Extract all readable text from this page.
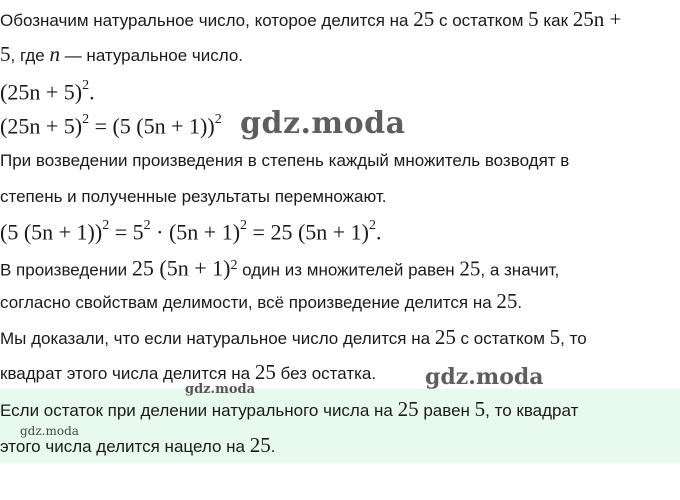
Обозначим натуральное число, которое делится на 25 с остатком 5 как 25n +
5, где n — натуральное число.
$(25n + 5)^2$.
$(25n + 5)^2 = (5$ (5n + 1))$^2$
При возведении произведения в степень каждый множитель возводят в
степень и полученные результаты перемножают.
(5 $(5n + 1))^2 = 5^2 \cdot (5n + 1)^2 = 25$ $(5n + 1)^2$.
В произведении 25 $(5n + 1)^2$ один из множителей равен 25, а значит,
согласно свойствам делимости, всё произведение делится на 25.
Мы доказали, что если натуральное число делится на 25 с остатком 5, то
квадрат этого числа делится на 25 без остатка.
Если остаток при делении натурального числа на 25 равен 5, то квадрат
этого числа делится нацело на 25.
gdz.moda
gdz.moda
gdz.moda
gdz.moda
